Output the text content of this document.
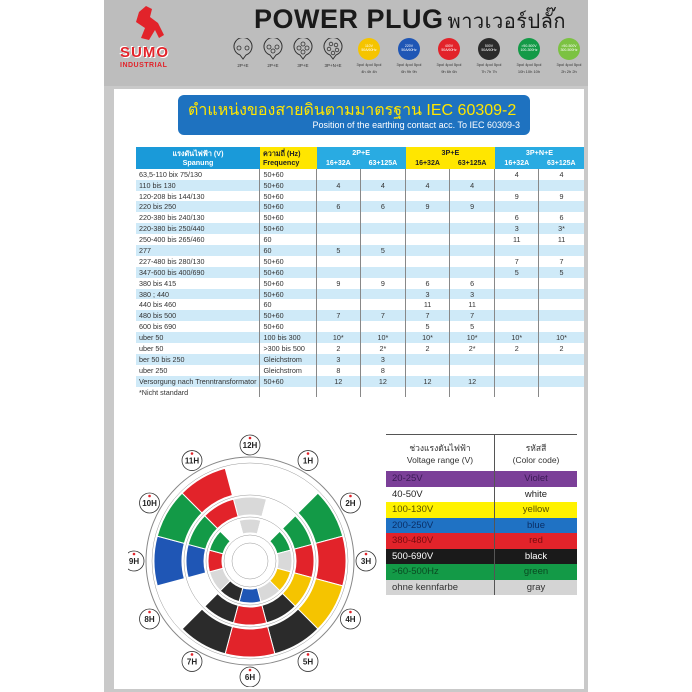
SUMO
INDUSTRIAL
POWER PLUG พาวเวอร์ปลั๊ก
2P+E	2P+E	3P+E	3P+N+E
110V 50A/60Hz
3pol 4pol 5pol
4h 4h 4h
220V 50A/60Hz
3pol 4pol 5pol
6h 9h 9h
400V 50A/60Hz
3pol 4pol 5pol
9h 6h 6h
500V 50A/60Hz
3pol 4pol 5pol
7h 7h 7h
>50-500V 100-300Hz
3pol 4pol 5pol
10h 10h 10h
>50-500V 300-500Hz
3pol 4pol 5pol
2h 2h 2h
ตำแหน่งของสายดินตามมาตรฐาน IEC 60309-2
Position of the earthing contact acc. To IEC 60309-3
แรงดันไฟฟ้า (V)
Spanung	ความถี่ (Hz)
Frequency	2P+E		3P+E		3P+N+E	
		16+32A	63+125A	16+32A	63+125A	16+32A	63+125A
63,5-110 bix 75/130	50+60					4	4
110 bis 130	50+60	4	4	4	4		
120-208 bis 144/130	50+60					9	9
220 bis 250	50+60	6	6	9	9		
220-380 bis 240/130	50+60					6	6
220-380 bis 250/440	50+60					3	3*
250-400 bis 265/460	60					11	11
277	60	5	5				
227-480 bis 280/130	50+60					7	7
347-600 bis 400/690	50+60					5	5
380 bis 415	50+60	9	9	6	6		
380 ; 440	50+60			3	3		
440 bis 460	60			11	11		
480 bis 500	50+60	7	7	7	7		
600 bis 690	50+60			5	5		
uber 50	100 bis 300	10*	10*	10*	10*	10*	10*
uber 50	>300 bis 500	2	2*	2	2*	2	2
ber 50 bis 250	Gleichstrom	3	3				
uber 250	Gleichstrom	8	8				
Versorgung nach Trenntransformator	50+60	12	12	12	12		
*Nicht standard							
12H
1H
2H
3H
4H
5H
6H
7H
8H
9H
10H
11H
ช่วงแรงดันไฟฟ้า
Voltage range (V)	รหัสสี
(Color code)
20-25V	Violet
40-50V	white
100-130V	yellow
200-250V	blue
380-480V	red
500-690V	black
>60-500Hz	green
ohne kennfarbe	gray
